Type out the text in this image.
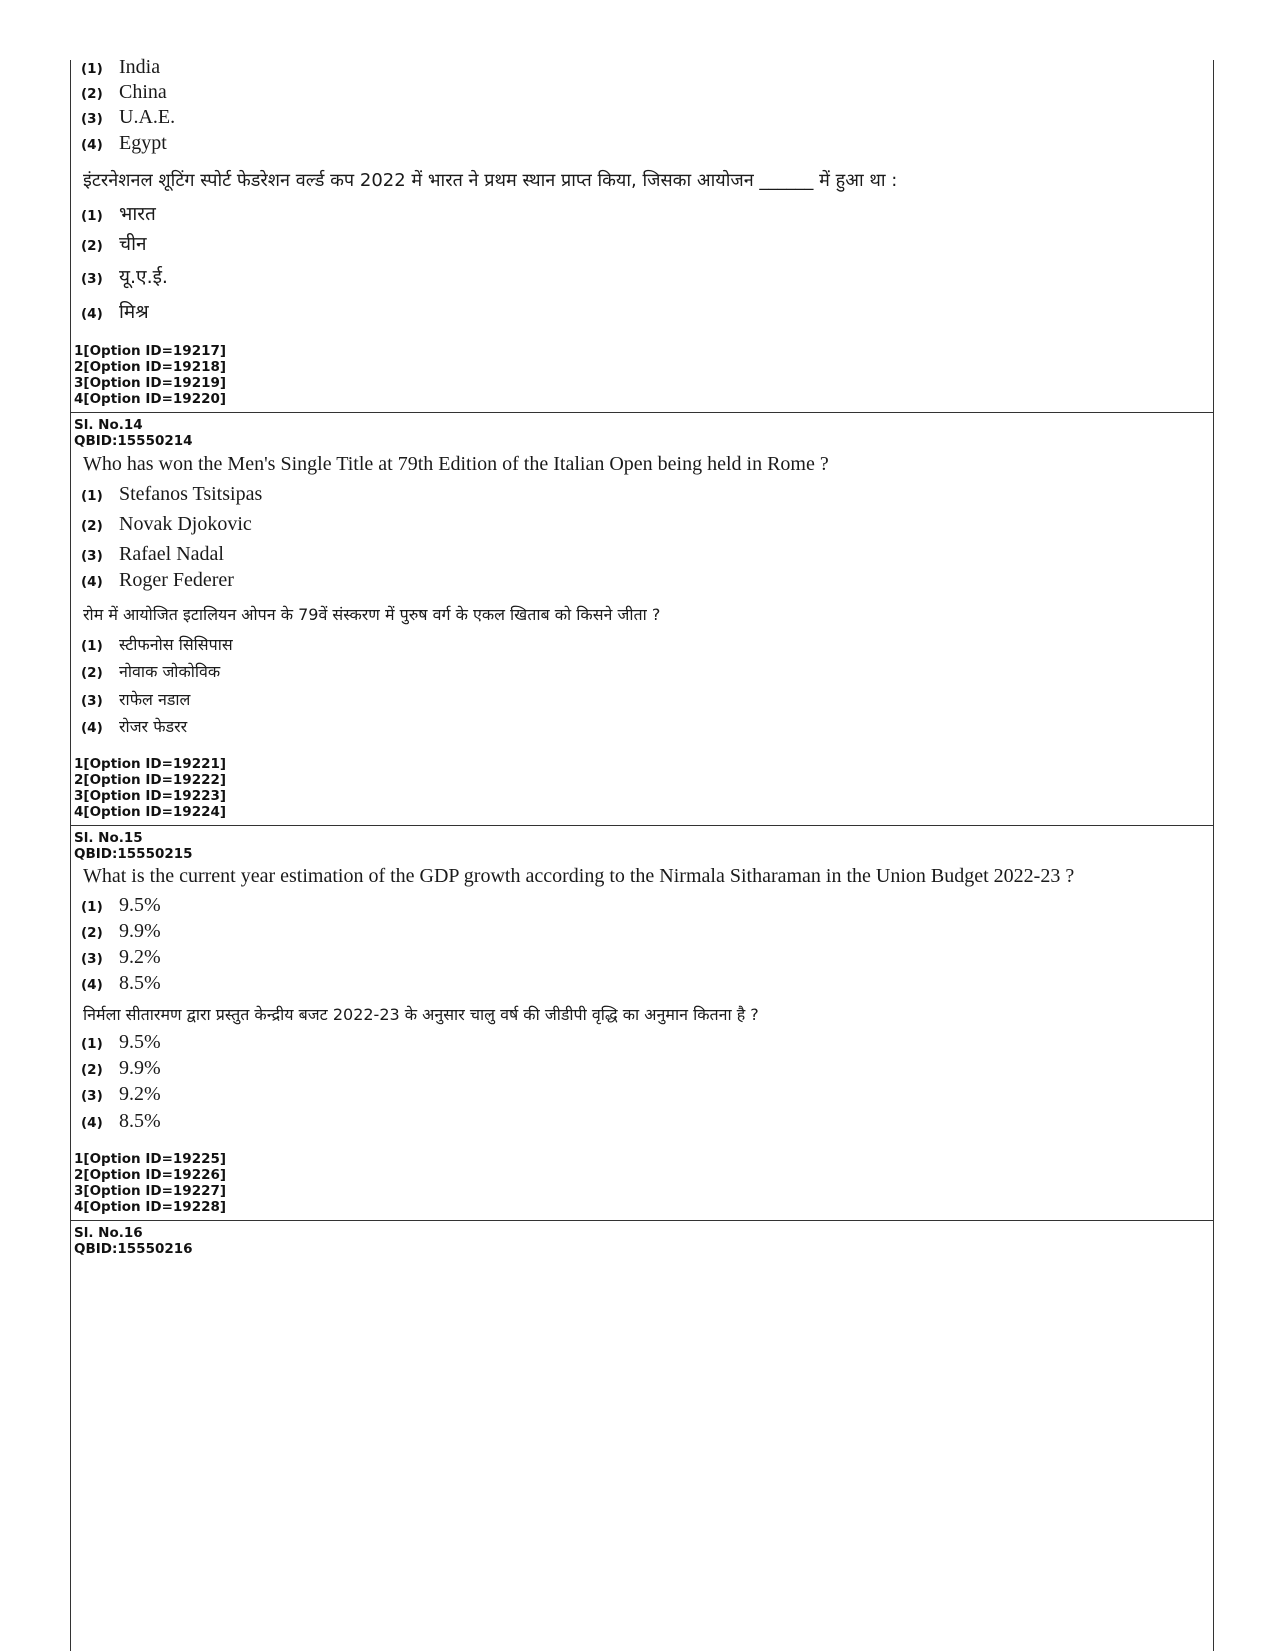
(1) India
(2) China
(3) U.A.E.
(4) Egypt
इंटरनेशनल शूटिंग स्पोर्ट फेडरेशन वर्ल्ड कप 2022 में भारत ने प्रथम स्थान प्राप्त किया, जिसका आयोजन ______ में हुआ था :
(1) भारत
(2) चीन
(3) यू.ए.ई.
(4) मिश्र
1[Option ID=19217]
2[Option ID=19218]
3[Option ID=19219]
4[Option ID=19220]
Sl. No.14
QBID:15550214
Who has won the Men's Single Title at 79th Edition of the Italian Open being held in Rome ?
(1) Stefanos Tsitsipas
(2) Novak Djokovic
(3) Rafael Nadal
(4) Roger Federer
रोम में आयोजित इटालियन ओपन के 79वें संस्करण में पुरुष वर्ग के एकल खिताब को किसने जीता ?
(1) स्टीफनोस सिसिपास
(2) नोवाक जोकोविक
(3) राफेल नडाल
(4) रोजर फेडरर
1[Option ID=19221]
2[Option ID=19222]
3[Option ID=19223]
4[Option ID=19224]
Sl. No.15
QBID:15550215
What is the current year estimation of the GDP growth according to the Nirmala Sitharaman in the Union Budget 2022-23 ?
(1) 9.5%
(2) 9.9%
(3) 9.2%
(4) 8.5%
निर्मला सीतारमण द्वारा प्रस्तुत केन्द्रीय बजट 2022-23 के अनुसार चालु वर्ष की जीडीपी वृद्धि का अनुमान कितना है ?
(1) 9.5%
(2) 9.9%
(3) 9.2%
(4) 8.5%
1[Option ID=19225]
2[Option ID=19226]
3[Option ID=19227]
4[Option ID=19228]
Sl. No.16
QBID:15550216
